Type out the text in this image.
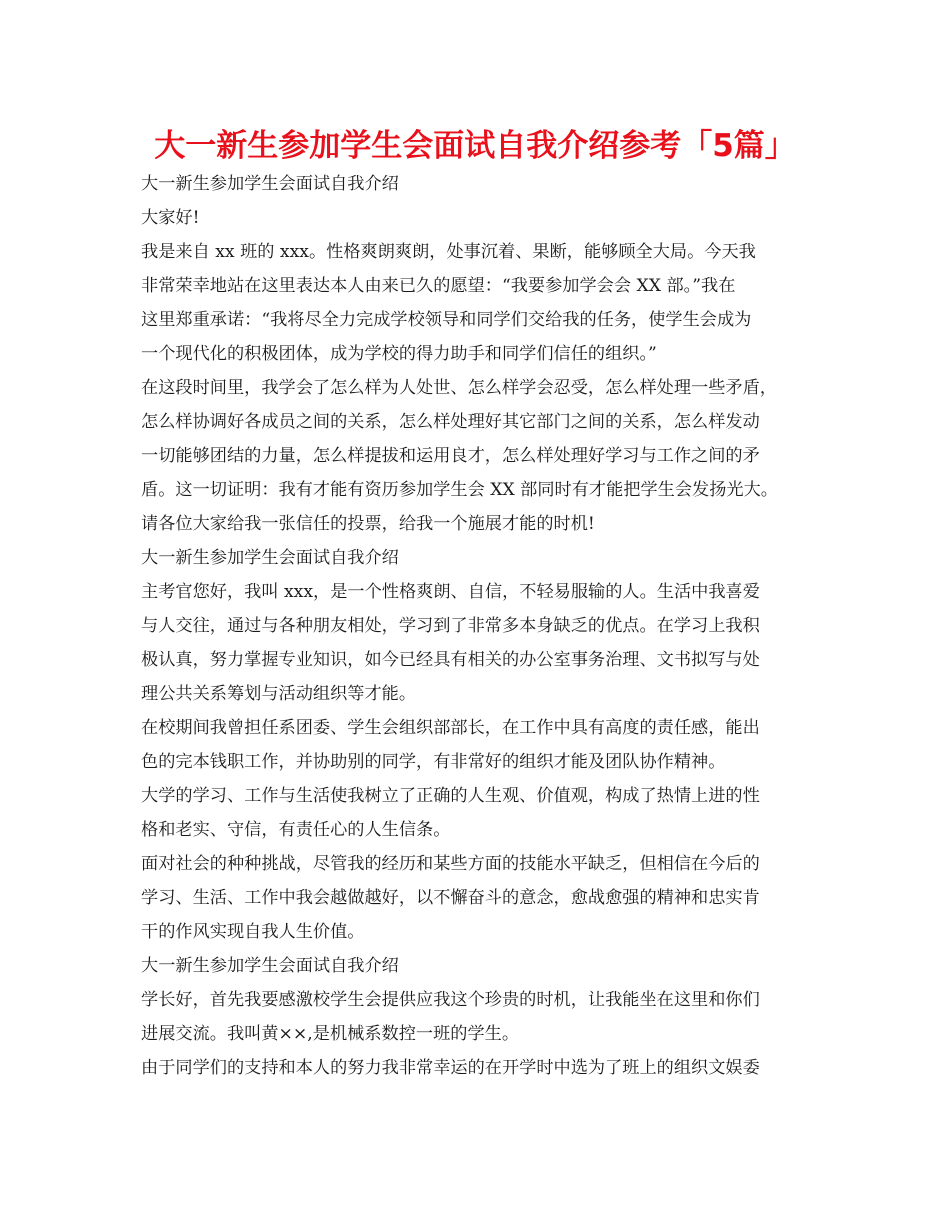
大一新生参加学生会面试自我介绍参考「5篇」
大一新生参加学生会面试自我介绍
大家好!
我是来自 xx 班的 xxx。性格爽朗爽朗，处事沉着、果断，能够顾全大局。今天我
非常荣幸地站在这里表达本人由来已久的愿望：“我要参加学会会 XX 部。”我在
这里郑重承诺：“我将尽全力完成学校领导和同学们交给我的任务，使学生会成为
一个现代化的积极团体，成为学校的得力助手和同学们信任的组织。”
在这段时间里，我学会了怎么样为人处世、怎么样学会忍受，怎么样处理一些矛盾，
怎么样协调好各成员之间的关系，怎么样处理好其它部门之间的关系，怎么样发动
一切能够团结的力量，怎么样提拔和运用良才，怎么样处理好学习与工作之间的矛
盾。这一切证明：我有才能有资历参加学生会 XX 部同时有才能把学生会发扬光大。
请各位大家给我一张信任的投票，给我一个施展才能的时机!
大一新生参加学生会面试自我介绍
主考官您好，我叫 xxx，是一个性格爽朗、自信，不轻易服输的人。生活中我喜爱
与人交往，通过与各种朋友相处，学习到了非常多本身缺乏的优点。在学习上我积
极认真，努力掌握专业知识，如今已经具有相关的办公室事务治理、文书拟写与处
理公共关系筹划与活动组织等才能。
在校期间我曾担任系团委、学生会组织部部长，在工作中具有高度的责任感，能出
色的完本钱职工作，并协助别的同学，有非常好的组织才能及团队协作精神。
大学的学习、工作与生活使我树立了正确的人生观、价值观，构成了热情上进的性
格和老实、守信，有责任心的人生信条。
面对社会的种种挑战，尽管我的经历和某些方面的技能水平缺乏，但相信在今后的
学习、生活、工作中我会越做越好，以不懈奋斗的意念，愈战愈强的精神和忠实肯
干的作风实现自我人生价值。
大一新生参加学生会面试自我介绍
学长好，首先我要感激校学生会提供应我这个珍贵的时机，让我能坐在这里和你们
进展交流。我叫黄××,是机械系数控一班的学生。
由于同学们的支持和本人的努力我非常幸运的在开学时中选为了班上的组织文娱委
